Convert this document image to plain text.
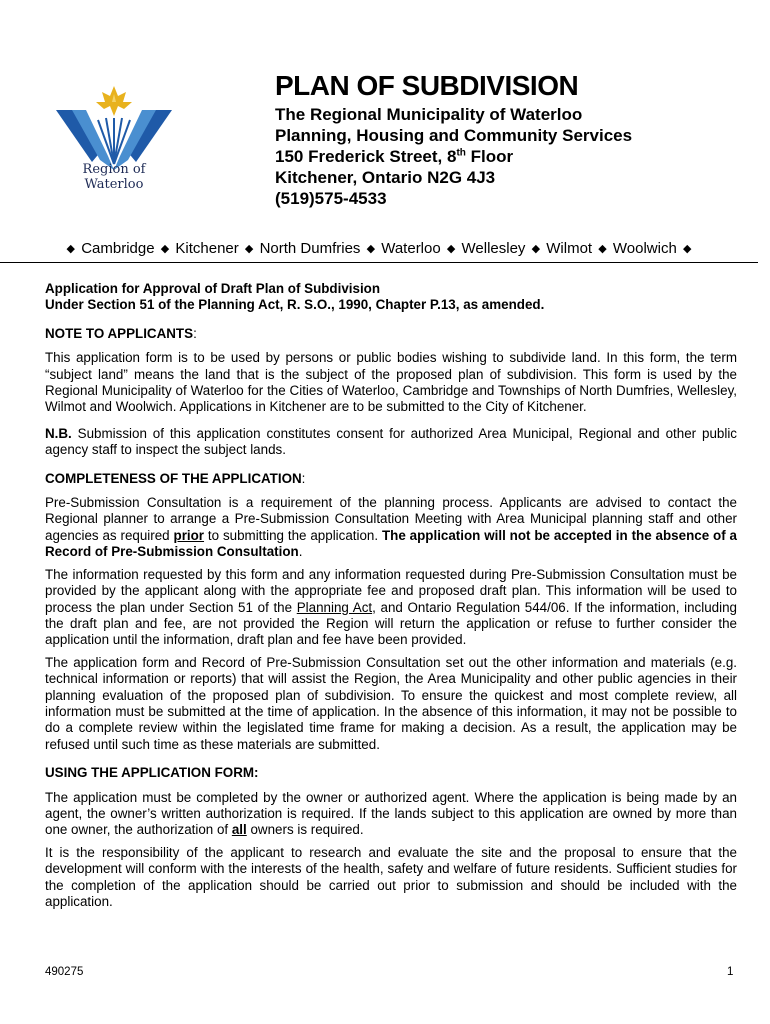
Region of Waterloo
PLAN OF SUBDIVISION
The Regional Municipality of Waterloo
Planning, Housing and Community Services
150 Frederick Street, 8th Floor
Kitchener, Ontario N2G 4J3
(519)575-4533
◆ Cambridge ◆ Kitchener ◆ North Dumfries ◆ Waterloo ◆ Wellesley ◆ Wilmot ◆ Woolwich ◆

Application for Approval of Draft Plan of Subdivision

Under Section 51 of the Planning Act, R. S.O., 1990, Chapter P.13, as amended.

NOTE TO APPLICANTS:

This application form is to be used by persons or public bodies wishing to subdivide land. In this form, the term “subject land” means the land that is the subject of the proposed plan of subdivision. This form is used by the Regional Municipality of Waterloo for the Cities of Waterloo, Cambridge and Townships of North Dumfries, Wellesley, Wilmot and Woolwich. Applications in Kitchener are to be submitted to the City of Kitchener.

N.B. Submission of this application constitutes consent for authorized Area Municipal, Regional and other public agency staff to inspect the subject lands.

COMPLETENESS OF THE APPLICATION:

Pre-Submission Consultation is a requirement of the planning process. Applicants are advised to contact the Regional planner to arrange a Pre-Submission Consultation Meeting with Area Municipal planning staff and other agencies as required prior to submitting the application. The application will not be accepted in the absence of a Record of Pre-Submission Consultation.

The information requested by this form and any information requested during Pre-Submission Consultation must be provided by the applicant along with the appropriate fee and proposed draft plan. This information will be used to process the plan under Section 51 of the Planning Act, and Ontario Regulation 544/06. If the information, including the draft plan and fee, are not provided the Region will return the application or refuse to further consider the application until the information, draft plan and fee have been provided.

The application form and Record of Pre-Submission Consultation set out the other information and materials (e.g. technical information or reports) that will assist the Region, the Area Municipality and other public agencies in their planning evaluation of the proposed plan of subdivision. To ensure the quickest and most complete review, all information must be submitted at the time of application. In the absence of this information, it may not be possible to do a complete review within the legislated time frame for making a decision. As a result, the application may be refused until such time as these materials are submitted.

USING THE APPLICATION FORM:

The application must be completed by the owner or authorized agent. Where the application is being made by an agent, the owner’s written authorization is required. If the lands subject to this application are owned by more than one owner, the authorization of all owners is required.

It is the responsibility of the applicant to research and evaluate the site and the proposal to ensure that the development will conform with the interests of the health, safety and welfare of future residents. Sufficient studies for the completion of the application should be carried out prior to submission and should be included with the application.

490275	1
